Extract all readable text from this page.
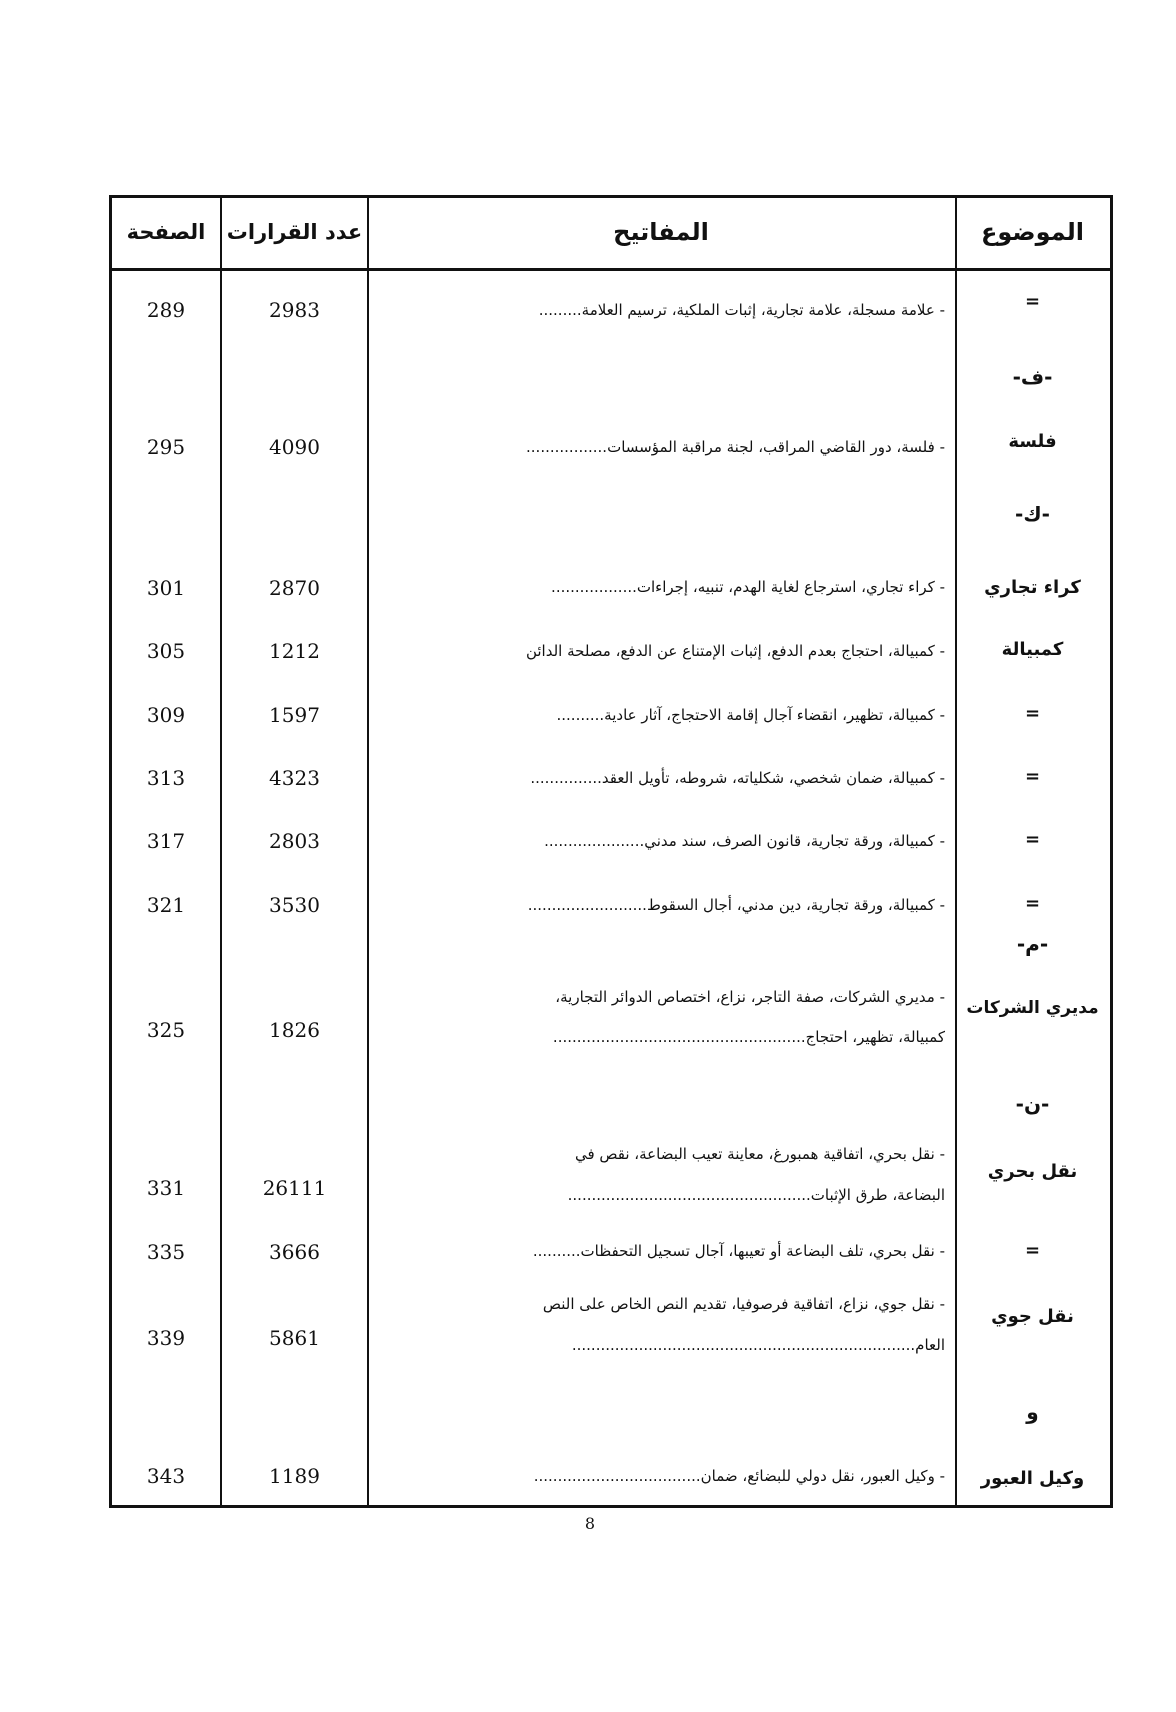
الموضوع
المفاتيح
عدد القرارات
الصفحة
=
- علامة مسجلة، علامة تجارية، إثبات الملكية، ترسيم العلامة.........
2983
289
-ف-
فلسة
- فلسة، دور القاضي المراقب، لجنة مراقبة المؤسسات.................
4090
295
-ك-
كراء تجاري
- كراء تجاري، استرجاع لغاية الهدم، تنبيه، إجراءات..................
2870
301
كمبيالة
- كمبيالة، احتجاج بعدم الدفع، إثبات الإمتناع عن الدفع، مصلحة الدائن
1212
305
=
- كمبيالة، تظهير، انقضاء آجال إقامة الاحتجاج، آثار عادية..........
1597
309
=
- كمبيالة، ضمان شخصي، شكلياته، شروطه، تأويل العقد...............
4323
313
=
- كمبيالة، ورقة تجارية، قانون الصرف، سند مدني.....................
2803
317
=
- كمبيالة، ورقة تجارية، دين مدني، أجال السقوط.........................
3530
321
-م-
مديري الشركات
- مديري الشركات، صفة التاجر، نزاع، اختصاص الدوائر التجارية،
كمبيالة، تظهير، احتجاج.....................................................
1826
325
-ن-
نقل بحري
- نقل بحري، اتفاقية همبورغ، معاينة تعيب البضاعة، نقص في
البضاعة، طرق الإثبات...................................................
26111
331
=
- نقل بحري، تلف البضاعة أو تعيبها، آجال تسجيل التحفظات..........
3666
335
نقل جوي
- نقل جوي، نزاع، اتفاقية فرصوفيا، تقديم النص الخاص على النص
العام........................................................................
5861
339
و
وكيل العبور
- وكيل العبور، نقل دولي للبضائع، ضمان...................................
1189
343
8
